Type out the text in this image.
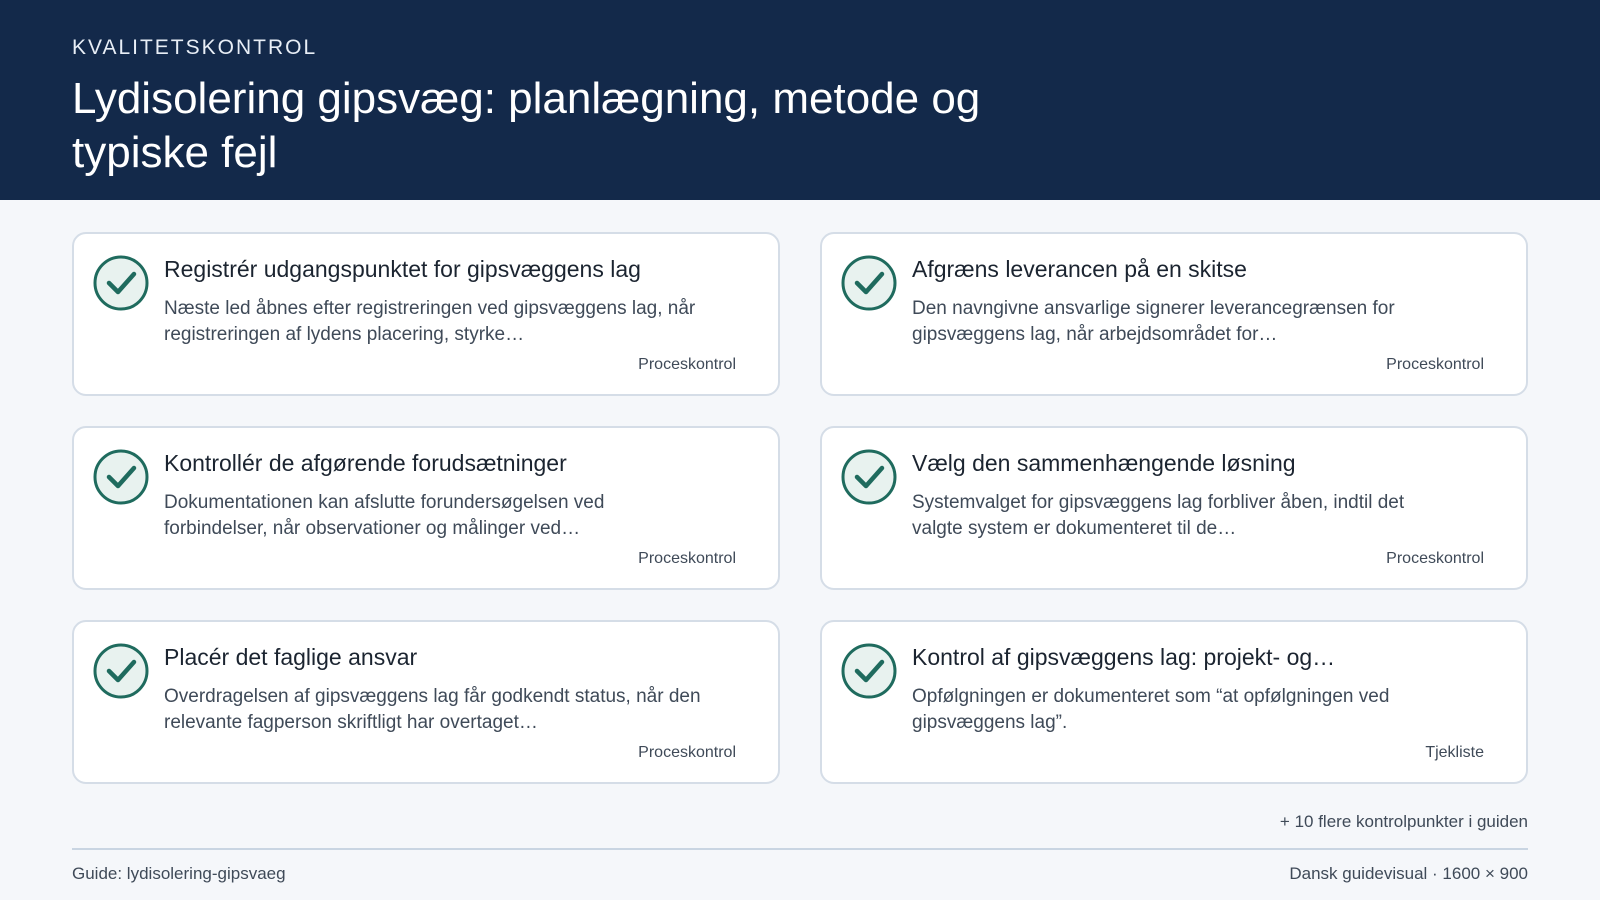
KVALITETSKONTROL
Lydisolering gipsvæg: planlægning, metode og typiske fejl
Registrér udgangspunktet for gipsvæggens lag
Næste led åbnes efter registreringen ved gipsvæggens lag, når registreringen af lydens placering, styrke…
Proceskontrol
Afgræns leverancen på en skitse
Den navngivne ansvarlige signerer leverancegrænsen for gipsvæggens lag, når arbejdsområdet for…
Proceskontrol
Kontrollér de afgørende forudsætninger
Dokumentationen kan afslutte forundersøgelsen ved forbindelser, når observationer og målinger ved…
Proceskontrol
Vælg den sammenhængende løsning
Systemvalget for gipsvæggens lag forbliver åben, indtil det valgte system er dokumenteret til de…
Proceskontrol
Placér det faglige ansvar
Overdragelsen af gipsvæggens lag får godkendt status, når den relevante fagperson skriftligt har overtaget…
Proceskontrol
Kontrol af gipsvæggens lag: projekt- og…
Opfølgningen er dokumenteret som “at opfølgningen ved gipsvæggens lag”.
Tjekliste
+ 10 flere kontrolpunkter i guiden
Guide: lydisolering-gipsvaeg	Dansk guidevisual · 1600 × 900
